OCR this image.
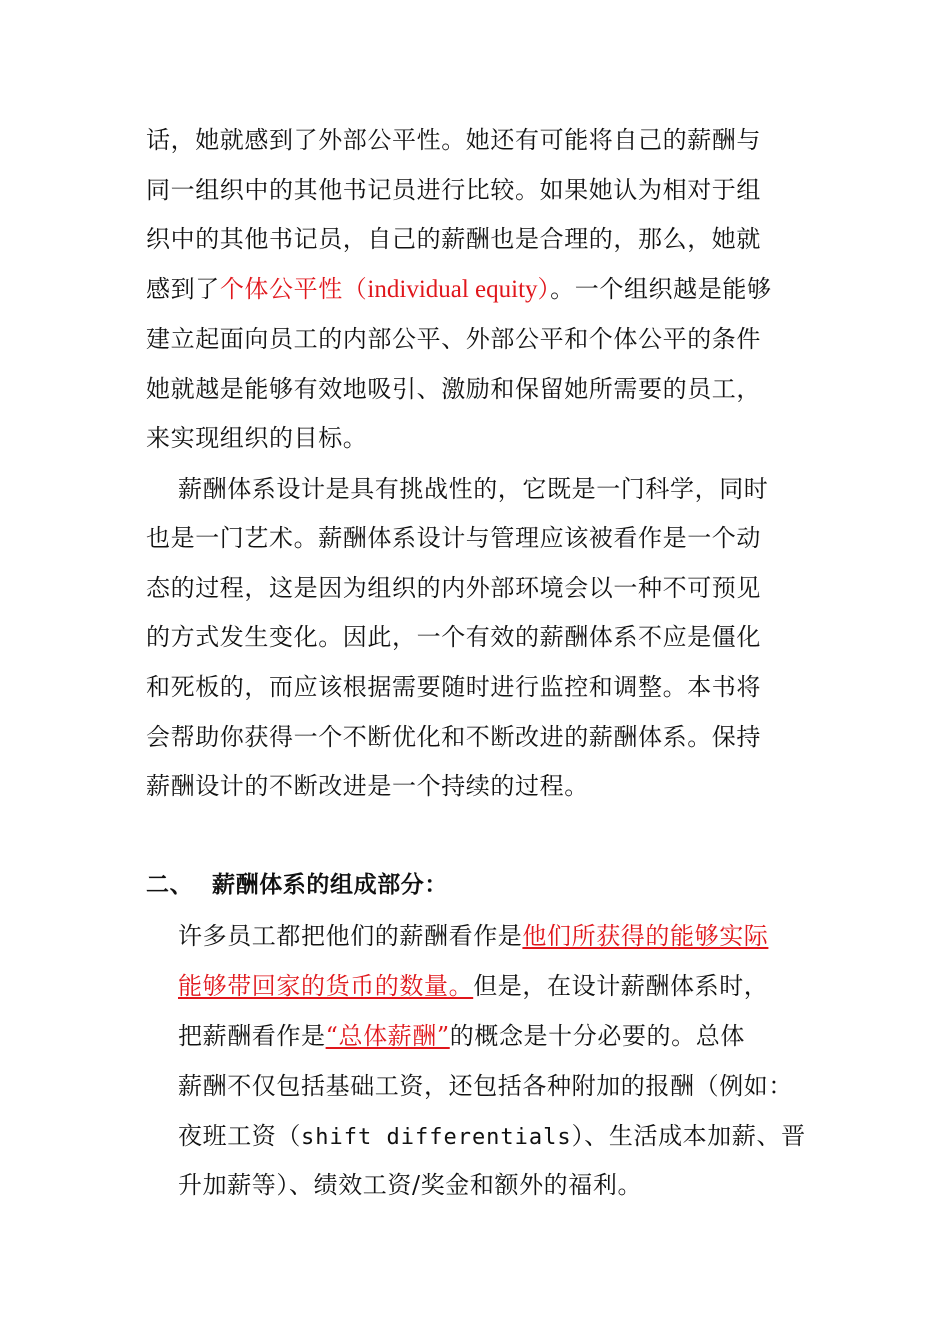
话，她就感到了外部公平性。她还有可能将自己的薪酬与
同一组织中的其他书记员进行比较。如果她认为相对于组
织中的其他书记员，自己的薪酬也是合理的，那么，她就
感到了个体公平性（individual equity）。一个组织越是能够
建立起面向员工的内部公平、外部公平和个体公平的条件
她就越是能够有效地吸引、激励和保留她所需要的员工，
来实现组织的目标。
薪酬体系设计是具有挑战性的，它既是一门科学，同时
也是一门艺术。薪酬体系设计与管理应该被看作是一个动
态的过程，这是因为组织的内外部环境会以一种不可预见
的方式发生变化。因此，一个有效的薪酬体系不应是僵化
和死板的，而应该根据需要随时进行监控和调整。本书将
会帮助你获得一个不断优化和不断改进的薪酬体系。保持
薪酬设计的不断改进是一个持续的过程。
二、 薪酬体系的组成部分：
许多员工都把他们的薪酬看作是他们所获得的能够实际
能够带回家的货币的数量。但是，在设计薪酬体系时，
把薪酬看作是“总体薪酬”的概念是十分必要的。总体
薪酬不仅包括基础工资，还包括各种附加的报酬（例如：
夜班工资（shift differentials）、生活成本加薪、晋
升加薪等）、绩效工资/奖金和额外的福利。
